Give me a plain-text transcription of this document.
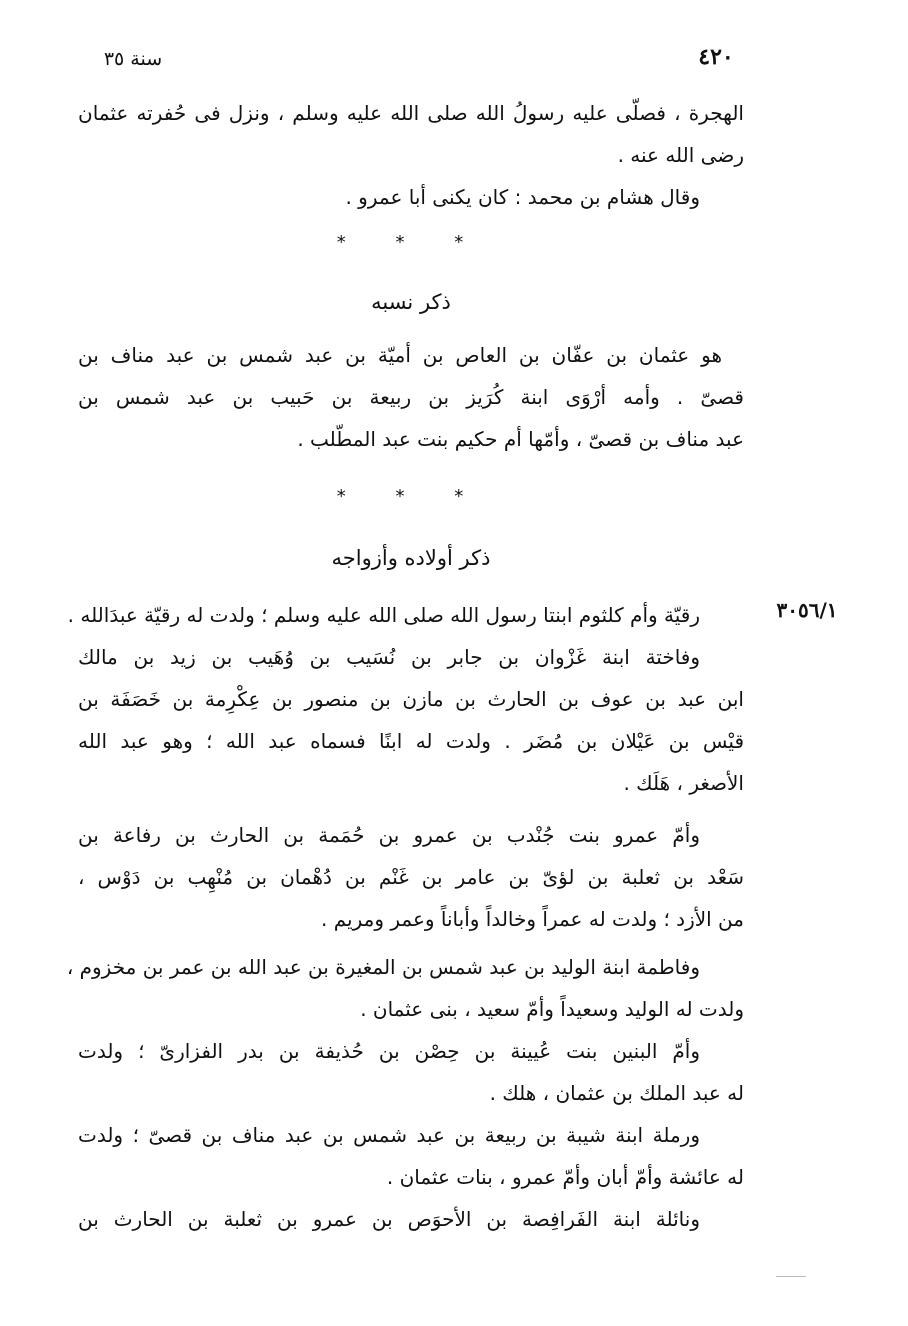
٤٢٠
سنة ٣٥
الهجرة ، فصلّى عليه رسولُ الله صلى الله عليه وسلم ، ونزل فى حُفرته عثمان
رضى الله عنه .
وقال هشام بن محمد : كان يكنى أبا عمرو .
* * *
ذكر نسبه
هو عثمان بن عفّان بن العاص بن أميّة بن عبد شمس بن عبد مناف بن
قصىّ . وأمه أرْوَى ابنة كُرَيز بن ربيعة بن حَبيب بن عبد شمس بن
عبد مناف بن قصىّ ، وأمّها أم حكيم بنت عبد المطّلب .
* * *
ذكر أولاده وأزواجه
٣٠٥٦/١
رقيّة وأم كلثوم ابنتا رسول الله صلى الله عليه وسلم ؛ ولدت له رقيّة عبدَالله .
وفاختة ابنة غَزْوان بن جابر بن نُسَيب بن وُهَيب بن زيد بن مالك
ابن عبد بن عوف بن الحارث بن مازن بن منصور بن عِكْرِمة بن خَصَفَة بن
قيْس بن عَيْلان بن مُضَر . ولدت له ابنًا فسماه عبد الله ؛ وهو عبد الله
الأصغر ، هَلَك .
وأمّ عمرو بنت جُنْدب بن عمرو بن حُمَمة بن الحارث بن رفاعة بن
سَعْد بن ثعلبة بن لؤىّ بن عامر بن غَنْم بن دُهْمان بن مُنْهِب بن دَوْس ،
من الأزد ؛ ولدت له عمراً وخالداً وأباناً وعمر ومريم .
وفاطمة ابنة الوليد بن عبد شمس بن المغيرة بن عبد الله بن عمر بن مخزوم ،
ولدت له الوليد وسعيداً وأمّ سعيد ، بنى عثمان .
وأمّ البنين بنت عُيينة بن حِصْن بن حُذيفة بن بدر الفزارىّ ؛ ولدت
له عبد الملك بن عثمان ، هلك .
ورملة ابنة شيبة بن ربيعة بن عبد شمس بن عبد مناف بن قصىّ ؛ ولدت
له عائشة وأمّ أبان وأمّ عمرو ، بنات عثمان .
ونائلة ابنة الفَرافِصة بن الأحوَص بن عمرو بن ثعلبة بن الحارث بن
